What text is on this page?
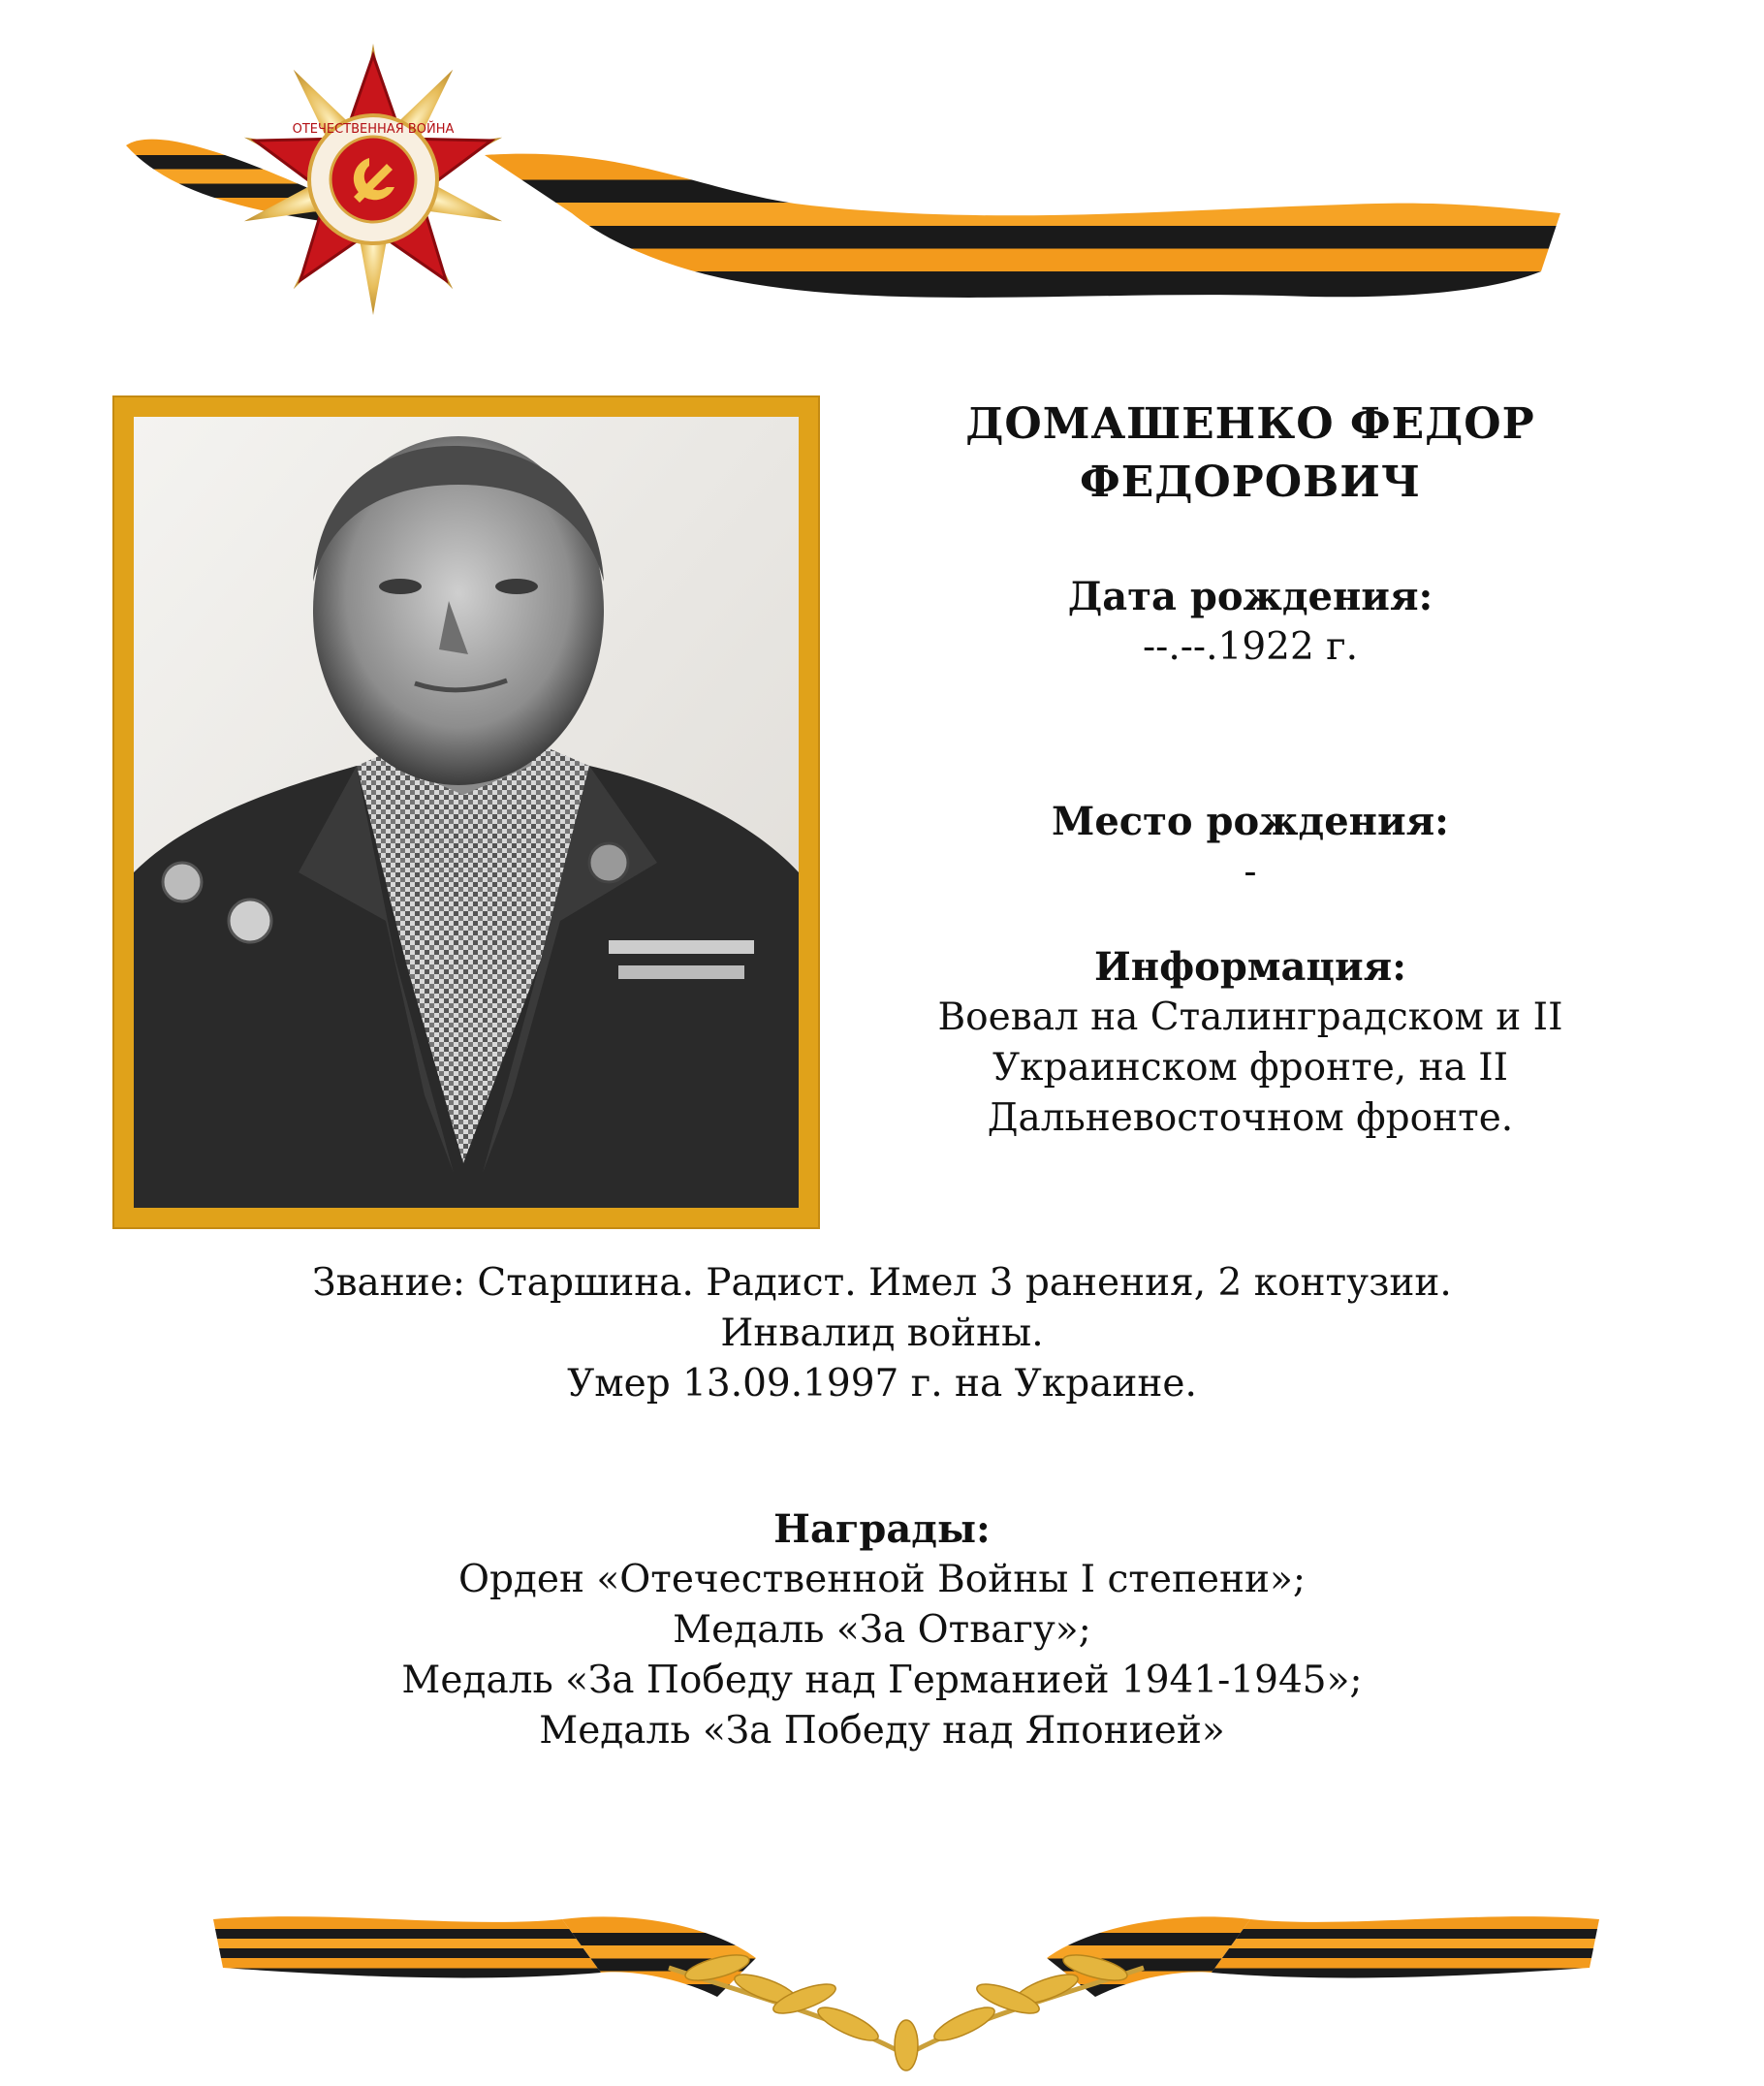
ОТЕЧЕСТВЕННАЯ ВОЙНА
ДОМАШЕНКО ФЕДОР
ФЕДОРОВИЧ
Дата рождения:
--.--.1922 г.
Место рождения:
-
Информация:
Воевал на Сталинградском и II
Украинском фронте, на II
Дальневосточном фронте.
Звание: Старшина. Радист. Имел 3 ранения, 2 контузии.
Инвалид войны.
Умер 13.09.1997 г. на Украине.
Награды:
Орден «Отечественной Войны I степени»;
Медаль «За Отвагу»;
Медаль «За Победу над Германией 1941-1945»;
Медаль «За Победу над Японией»
